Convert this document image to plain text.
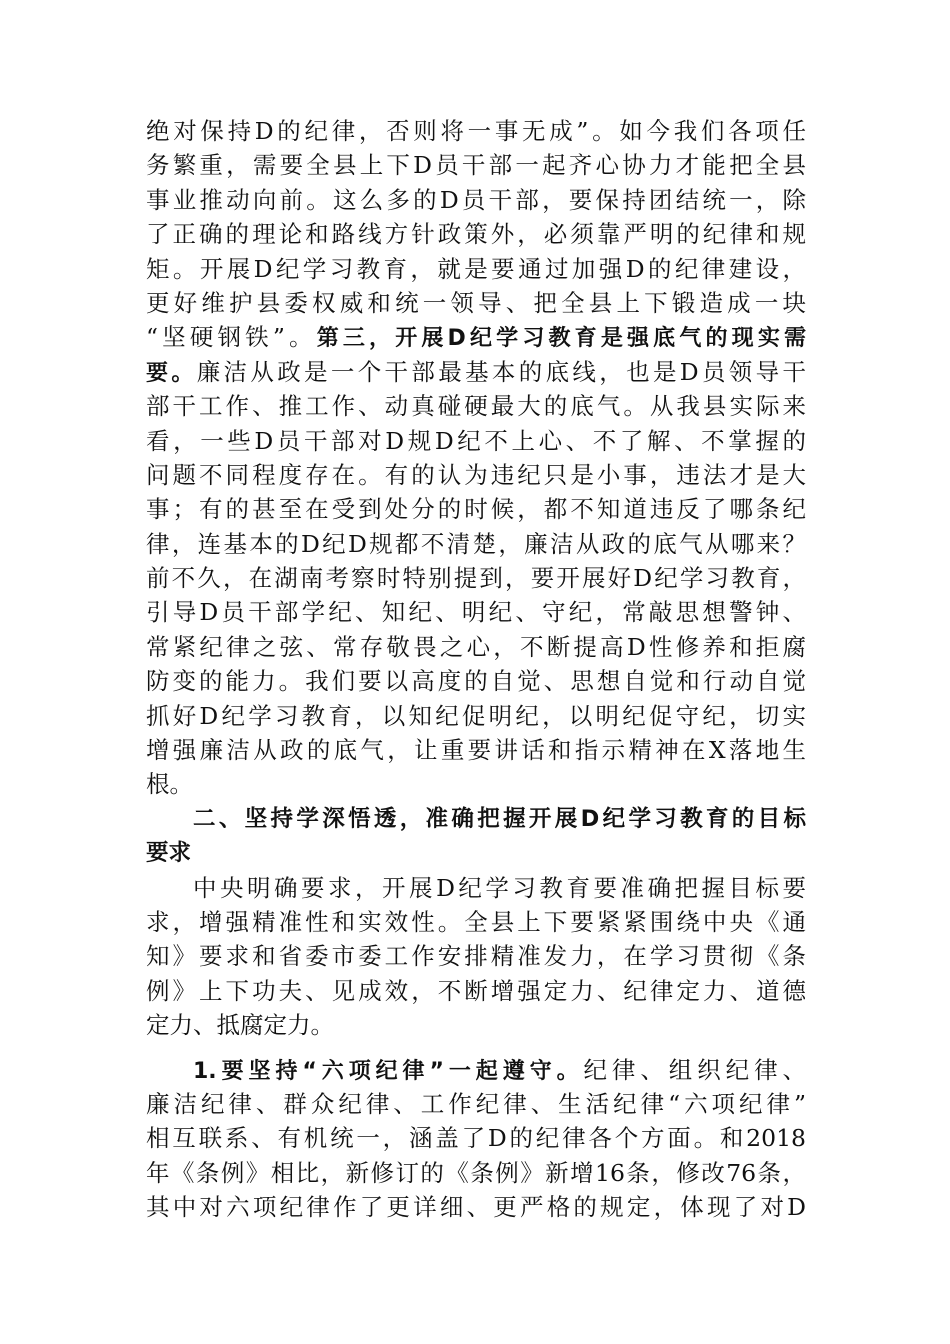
绝对保持D的纪律，否则将一事无成”。如今我们各项任
务繁重，需要全县上下D员干部一起齐心协力才能把全县
事业推动向前。这么多的D员干部，要保持团结统一，除
了正确的理论和路线方针政策外，必须靠严明的纪律和规
矩。开展D纪学习教育，就是要通过加强D的纪律建设，
更好维护县委权威和统一领导、把全县上下锻造成一块
“坚硬钢铁”。第三，开展D纪学习教育是强底气的现实需
要。廉洁从政是一个干部最基本的底线，也是D员领导干
部干工作、推工作、动真碰硬最大的底气。从我县实际来
看，一些D员干部对D规D纪不上心、不了解、不掌握的
问题不同程度存在。有的认为违纪只是小事，违法才是大
事；有的甚至在受到处分的时候，都不知道违反了哪条纪
律，连基本的D纪D规都不清楚，廉洁从政的底气从哪来？
前不久，在湖南考察时特别提到，要开展好D纪学习教育，
引导D员干部学纪、知纪、明纪、守纪，常敲思想警钟、
常紧纪律之弦、常存敬畏之心，不断提高D性修养和拒腐
防变的能力。我们要以高度的自觉、思想自觉和行动自觉
抓好D纪学习教育，以知纪促明纪，以明纪促守纪，切实
增强廉洁从政的底气，让重要讲话和指示精神在X落地生
根。
二、坚持学深悟透，准确把握开展D纪学习教育的目标
要求
中央明确要求，开展D纪学习教育要准确把握目标要
求，增强精准性和实效性。全县上下要紧紧围绕中央《通
知》要求和省委市委工作安排精准发力，在学习贯彻《条
例》上下功夫、见成效，不断增强定力、纪律定力、道德
定力、抵腐定力。
1.要坚持“六项纪律”一起遵守。纪律、组织纪律、
廉洁纪律、群众纪律、工作纪律、生活纪律“六项纪律”
相互联系、有机统一，涵盖了D的纪律各个方面。和2018
年《条例》相比，新修订的《条例》新增16条，修改76条，
其中对六项纪律作了更详细、更严格的规定，体现了对D
